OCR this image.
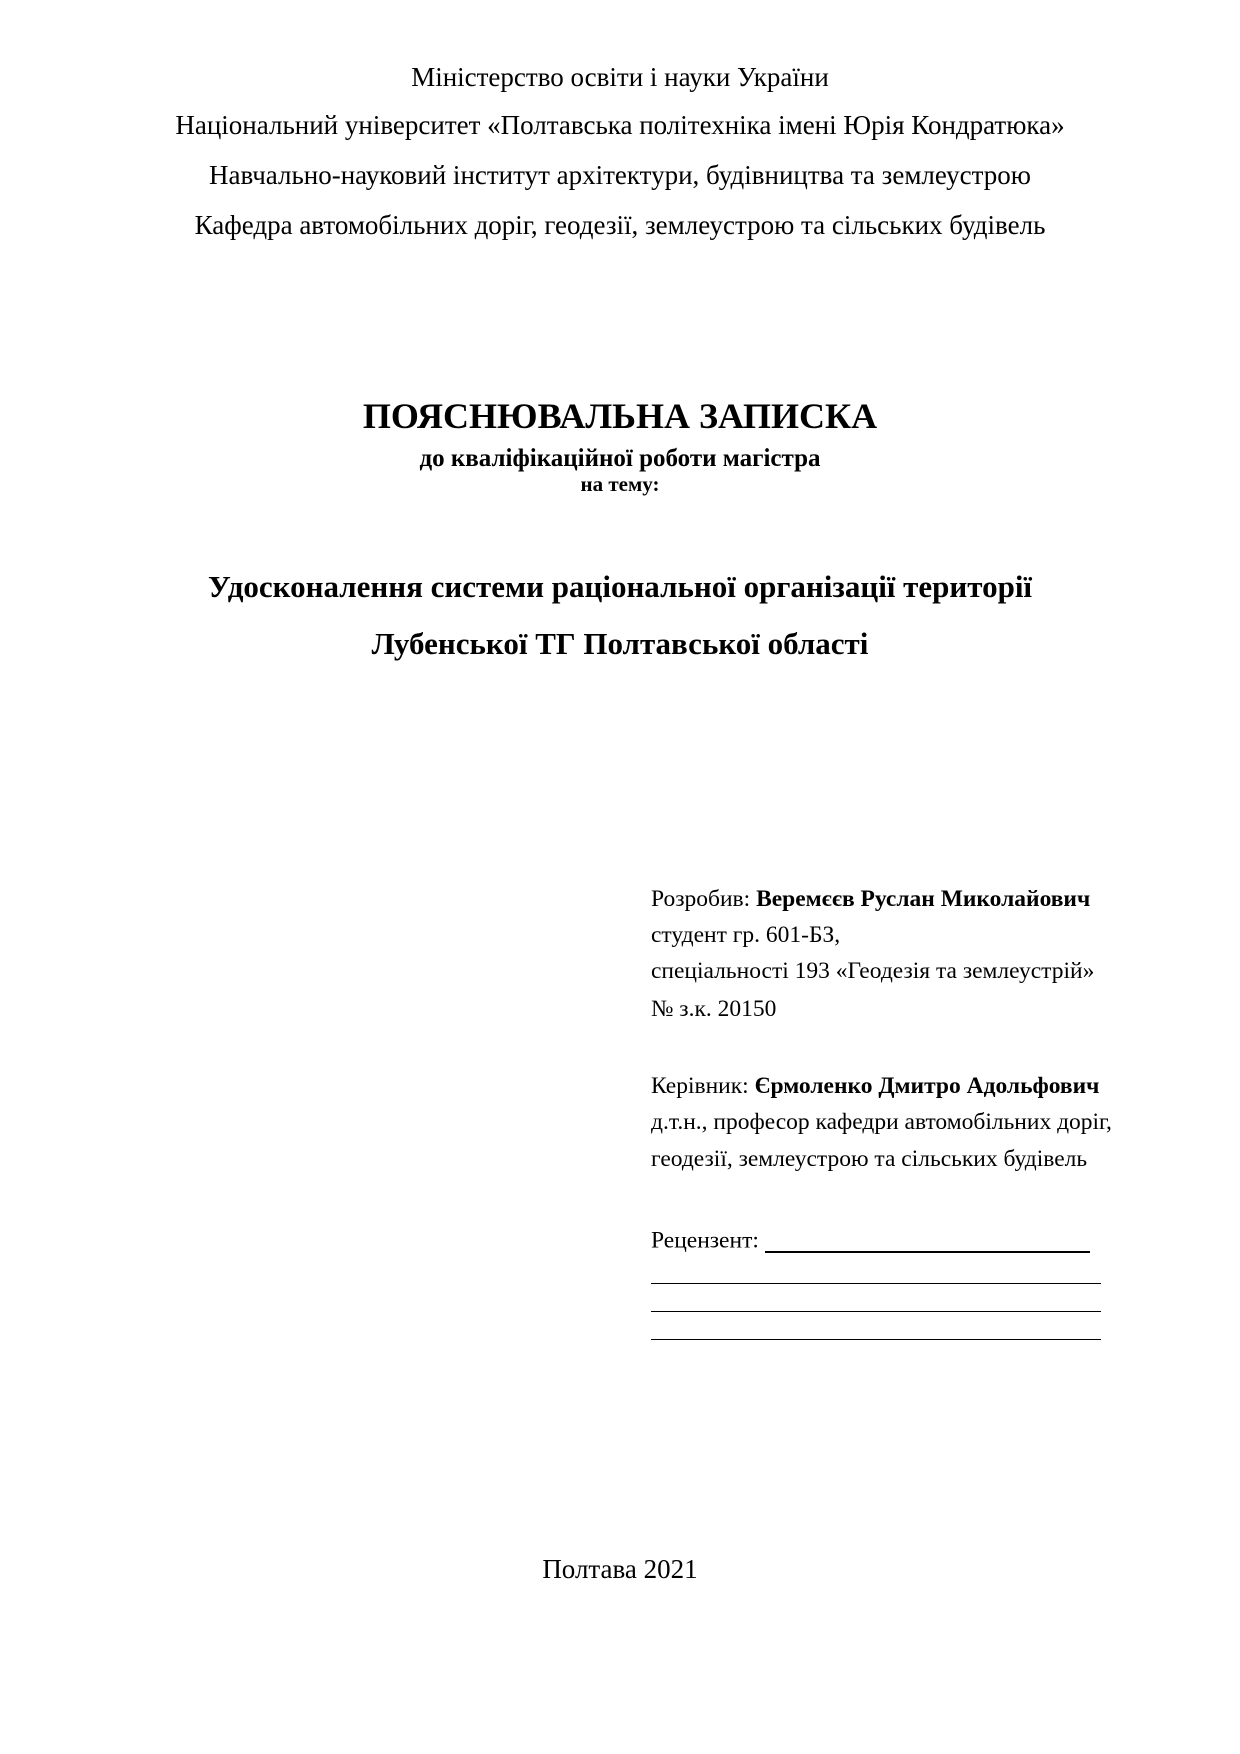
Міністерство освіти і науки України
Національний університет «Полтавська політехніка імені Юрія Кондратюка»
Навчально-науковий інститут архітектури, будівництва та землеустрою
Кафедра автомобільних доріг, геодезії, землеустрою та сільських будівель
ПОЯСНЮВАЛЬНА ЗАПИСКА
до кваліфікаційної роботи магістра
на тему:
Удосконалення системи раціональної організації території
Лубенської ТГ Полтавської області
Розробив: Веремєєв Руслан Миколайович
студент гр. 601-БЗ,
спеціальності 193 «Геодезія та землеустрій»
№ з.к. 20150
Керівник: Єрмоленко Дмитро Адольфович
д.т.н., професор кафедри автомобільних доріг,
геодезії, землеустрою та сільських будівель
Рецензент:
Полтава 2021
